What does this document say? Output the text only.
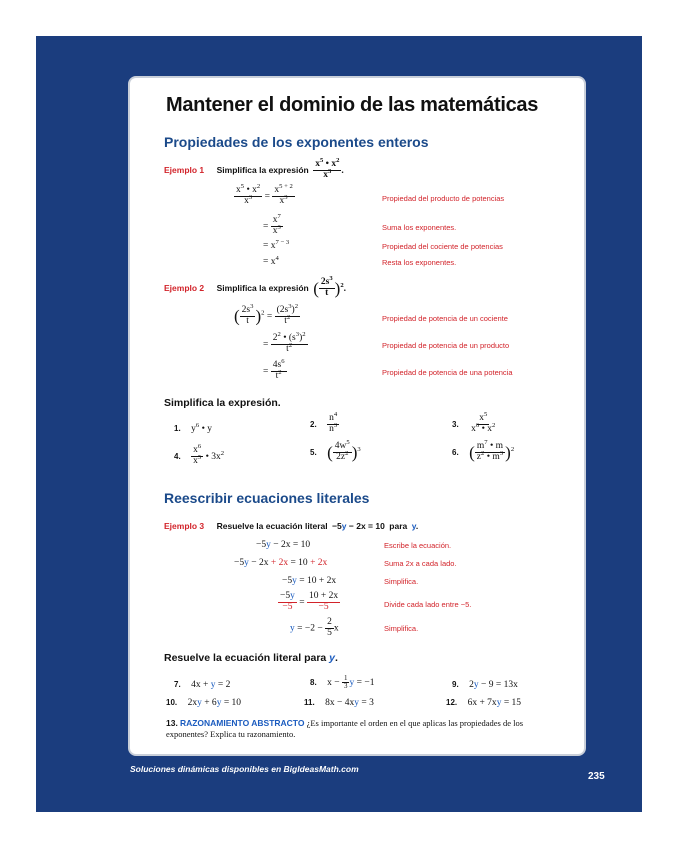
Mantener el dominio de las matemáticas
Propiedades de los exponentes enteros
Ejemplo 1 Simplifica la expresión $\frac{x^5 • x^2}{x^3}$ .
$\frac{x^5 • x^2}{x^3} = \frac{x^{5 + 2}}{x^3}$	Propiedad del producto de potencias
= $\frac{x^7}{x^3}$	Suma los exponentes.
= $x^{7 - 3}$	Propiedad del cociente de potencias
= $x^4$	Resta los exponentes.
Ejemplo 2 Simplifica la expresión ( $\frac{2s^3}{t} )^2$.
( $\frac{2s^3}{t} )^2 = \frac{(2s^3)^2}{t^2}$	Propiedad de potencia de un cociente
= $\frac{2^2 • (s^3)^2}{t^2}$	Propiedad de potencia de un producto
= $\frac{4s^6}{t^2}$	Propiedad de potencia de una potencia
Simplifica la expresión.
1. $y^6$ • y	2. $\frac{n^4}{n^3}$	3. $\frac{x^5}{x^6 • x^2}$
4. $\frac{x^6}{x^5}$ • $3x^2$	5. ( $\frac{4w^5}{2z^2} )^3$	6. ( $\frac{m^7 • m}{z^2 • m^3} )^2$
Reescribir ecuaciones literales
Ejemplo 3 Resuelve la ecuación literal −5y − 2x = 10 para y.
−5y − 2x = 10	Escribe la ecuación.
−5y − 2x + 2x = 10 + 2x	Suma 2x a cada lado.
−5y = 10 + 2x	Simplifica.
$\frac{-5y}{-5} = \frac{10 + 2x}{-5}$	Divide cada lado entre −5.
$y = -2 - \frac{2}{5}$ x	Simplifica.
Resuelve la ecuación literal para y.
7. 4x + y = 2	8. $x - \frac{1}{3}$ y = −1	9. 2y − 9 = 13x
10. 2xy + 6y = 10	11. 8x − 4xy = 3	12. 6x + 7xy = 15
13. RAZONAMIENTO ABSTRACTO ¿Es importante el orden en el que aplicas las propiedades de los exponentes? Explica tu razonamiento.
Soluciones dinámicas disponibles en BigIdeasMath.com
235
